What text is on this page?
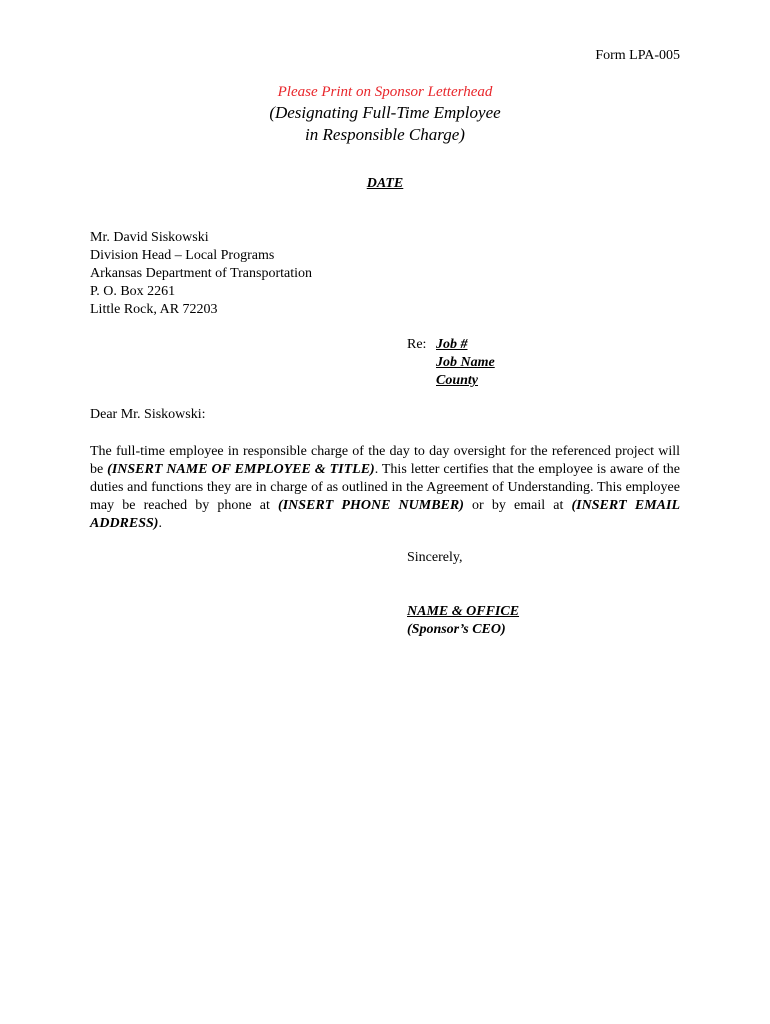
Form LPA-005
Please Print on Sponsor Letterhead
(Designating Full-Time Employee
in Responsible Charge)
DATE
Mr. David Siskowski
Division Head – Local Programs
Arkansas Department of Transportation
P. O. Box 2261
Little Rock, AR 72203
Re: Job #
Job Name
County
Dear Mr. Siskowski:
The full-time employee in responsible charge of the day to day oversight for the referenced project will be (INSERT NAME OF EMPLOYEE & TITLE). This letter certifies that the employee is aware of the duties and functions they are in charge of as outlined in the Agreement of Understanding. This employee may be reached by phone at (INSERT PHONE NUMBER) or by email at (INSERT EMAIL ADDRESS).
Sincerely,
NAME & OFFICE
(Sponsor’s CEO)
